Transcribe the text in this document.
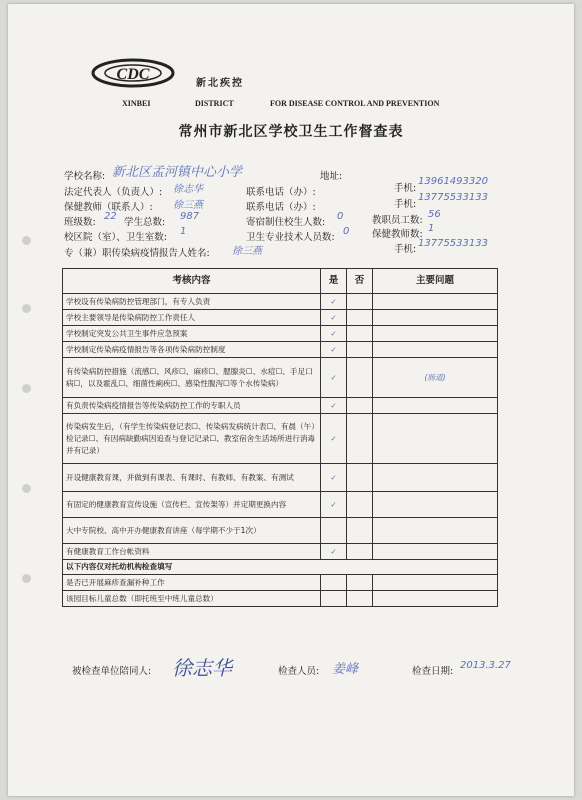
CDC
新北疾控
XINBEI	DISTRICT	FOR DISEASE CONTROL AND PREVENTION
常州市新北区学校卫生工作督查表
学校名称: 新北区孟河镇中心小学	地址:
法定代表人（负责人）: 徐志华	联系电话（办）:	手机:
13961493320
保健教师（联系人）: 徐三燕	联系电话（办）:	手机:
13775533133
班级数:
22
学生总数:
987
寄宿制住校生人数:
0	教职员工数:
56
校区院（室）、卫生室数:
1
卫生专业技术人员数:
0 保健教师数:
1
专（兼）职传染病疫情报告人姓名: 徐三燕	手机:
13775533133
考核内容	是	否	主要问题
学校设有传染病防控管理部门，有专人负责	✓		
学校主要领导是传染病防控工作责任人	✓		
学校制定突发公共卫生事件应急预案	✓		
学校制定传染病疫情报告等各项传染病防控制度	✓		
有传染病防控措施（流感☐、风疹☐、麻疹☐、腮腺炎☐、水痘☐、手足口病☐，以及霍乱☐、细菌性痢疾☐、感染性腹泻☐等个水传染病）	✓		(肠道)
有负责传染病疫情报告等传染病防控工作的专职人员	✓		
传染病发生后，（有学生传染病登记表☐、传染病发病统计表☐、有晨（午）检记录☐、有因病缺勤病因追查与登记记录☐、教室宿舍生活场所进行消毒并有记录）	✓		
开设健康教育课，并做到有课表、有课时、有教师、有教案、有测试	✓		
有固定的健康教育宣传设施（宣传栏、宣传架等）并定期更换内容	✓		
大中专院校、高中开办健康教育讲座（每学期不少于1次）			
有健康教育工作台帐资料	✓		
以下内容仅对托幼机构检查填写			
是否已开展麻疹查漏补种工作			
该园目标儿童总数（即托班至中班儿童总数）			
被检查单位陪同人: 徐志华	检查人员: 姜峰	检查日期:
2013.3.27
